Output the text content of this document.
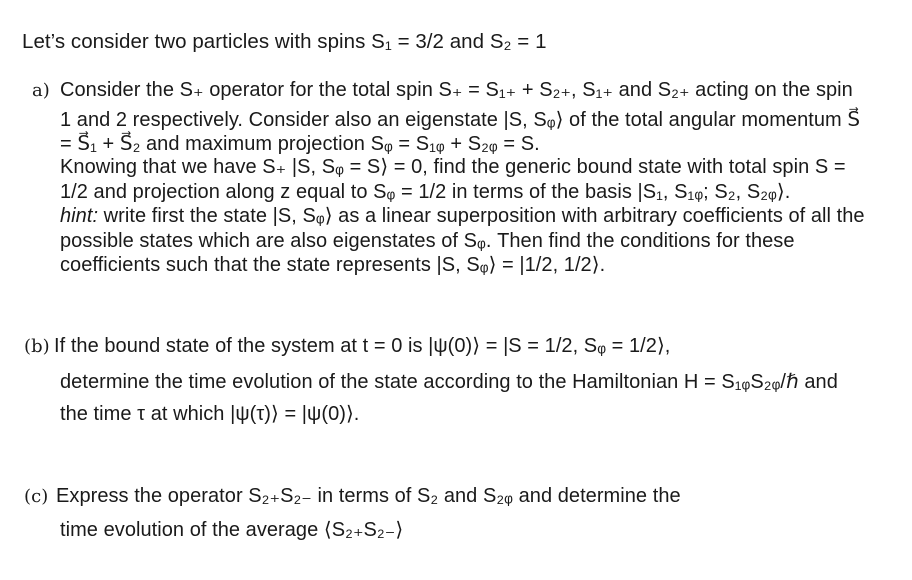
Let’s consider two particles with spins S₁ = 3/2 and S₂ = 1
a) Consider the S₊ operator for the total spin S₊ = S₁₊ + S₂₊, S₁₊ and S₂₊ acting on the spin
1 and 2 respectively. Consider also an eigenstate |S, Sᵩ⟩ of the total angular momentum S⃗
= S⃗₁ + S⃗₂ and maximum projection Sᵩ = S₁ᵩ + S₂ᵩ = S.
Knowing that we have S₊ |S, Sᵩ = S⟩ = 0, find the generic bound state with total spin S =
1/2 and projection along z equal to Sᵩ = 1/2 in terms of the basis |S₁, S₁ᵩ; S₂, S₂ᵩ⟩.
hint: write first the state |S, Sᵩ⟩ as a linear superposition with arbitrary coefficients of all the
possible states which are also eigenstates of Sᵩ. Then find the conditions for these
coefficients such that the state represents |S, Sᵩ⟩ = |1/2, 1/2⟩.
(b) If the bound state of the system at t = 0 is |ψ(0)⟩ = |S = 1/2, Sᵩ = 1/2⟩,
determine the time evolution of the state according to the Hamiltonian H = S₁ᵩS₂ᵩ/ℏ and
the time τ at which |ψ(τ)⟩ = |ψ(0)⟩.
(c) Express the operator S₂₊S₂₋ in terms of S₂ and S₂ᵩ and determine the
time evolution of the average ⟨S₂₊S₂₋⟩
